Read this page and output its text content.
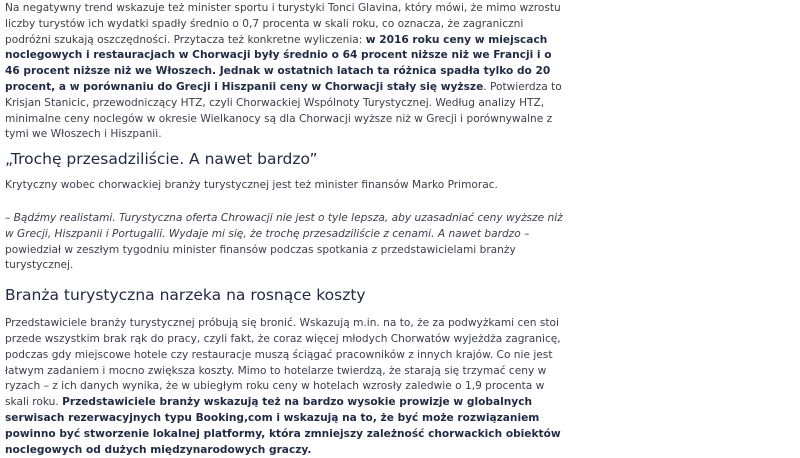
Na negatywny trend wskazuje też minister sportu i turystyki Tonci Glavina, który mówi, że mimo wzrostu liczby turystów ich wydatki spadły średnio o 0,7 procenta w skali roku, co oznacza, że zagraniczni podróżni szukają oszczędności. Przytacza też konkretne wyliczenia: w 2016 roku ceny w miejscach noclegowych i restauracjach w Chorwacji były średnio o 64 procent niższe niż we Francji i o 46 procent niższe niż we Włoszech. Jednak w ostatnich latach ta różnica spadła tylko do 20 procent, a w porównaniu do Grecji i Hiszpanii ceny w Chorwacji stały się wyższe. Potwierdza to Krisjan Stanicic, przewodniczący HTZ, czyli Chorwackiej Wspólnoty Turystycznej. Według analizy HTZ, minimalne ceny noclegów w okresie Wielkanocy są dla Chorwacji wyższe niż w Grecji i porównywalne z tymi we Włoszech i Hiszpanii.

„Trochę przesadziliście. A nawet bardzo”

Krytyczny wobec chorwackiej branży turystycznej jest też minister finansów Marko Primorac.

– Bądźmy realistami. Turystyczna oferta Chrowacji nie jest o tyle lepsza, aby uzasadniać ceny wyższe niż w Grecji, Hiszpanii i Portugalii. Wydaje mi się, że trochę przesadziliście z cenami. A nawet bardzo – powiedział w zeszłym tygodniu minister finansów podczas spotkania z przedstawicielami branży turystycznej.

Branża turystyczna narzeka na rosnące koszty

Przedstawiciele branży turystycznej próbują się bronić. Wskazują m.in. na to, że za podwyżkami cen stoi przede wszystkim brak rąk do pracy, czyli fakt, że coraz więcej młodych Chorwatów wyjeżdża zagranicę, podczas gdy miejscowe hotele czy restauracje muszą ściągać pracowników z innych krajów. Co nie jest łatwym zadaniem i mocno zwiększa koszty. Mimo to hotelarze twierdzą, że starają się trzymać ceny w ryzach – z ich danych wynika, że w ubiegłym roku ceny w hotelach wzrosły zaledwie o 1,9 procenta w skali roku. Przedstawiciele branży wskazują też na bardzo wysokie prowizje w globalnych serwisach rezerwacyjnych typu Booking,com i wskazują na to, że być może rozwiązaniem powinno być stworzenie lokalnej platformy, która zmniejszy zależność chorwackich obiektów noclegowych od dużych międzynarodowych graczy.
